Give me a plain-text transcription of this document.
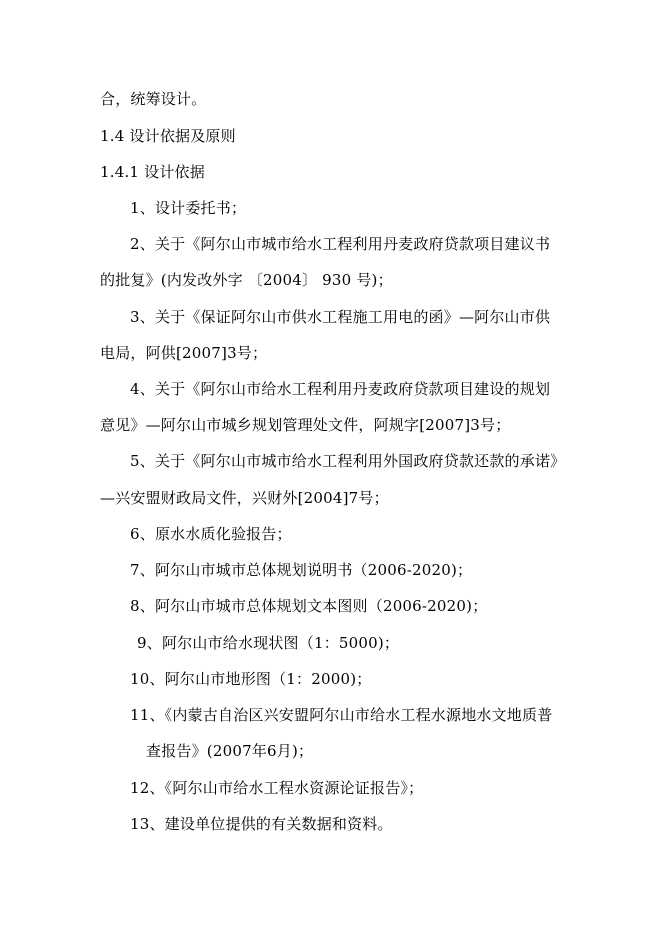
合，统筹设计。
1.4 设计依据及原则
1.4.1 设计依据
1、设计委托书；
2、关于《阿尔山市城市给水工程利用丹麦政府贷款项目建议书
的批复》(内发改外字 〔2004〕 930 号)；
3、关于《保证阿尔山市供水工程施工用电的函》—阿尔山市供
电局，阿供[2007]3号；
4、关于《阿尔山市给水工程利用丹麦政府贷款项目建设的规划
意见》—阿尔山市城乡规划管理处文件，阿规字[2007]3号；
5、关于《阿尔山市城市给水工程利用外国政府贷款还款的承诺》
—兴安盟财政局文件，兴财外[2004]7号；
6、原水水质化验报告；
7、阿尔山市城市总体规划说明书（2006-2020)；
8、阿尔山市城市总体规划文本图则（2006-2020)；
9、阿尔山市给水现状图（1：5000)；
10、阿尔山市地形图（1：2000)；
11、《内蒙古自治区兴安盟阿尔山市给水工程水源地水文地质普
查报告》(2007年6月)；
12、《阿尔山市给水工程水资源论证报告》；
13、建设单位提供的有关数据和资料。
